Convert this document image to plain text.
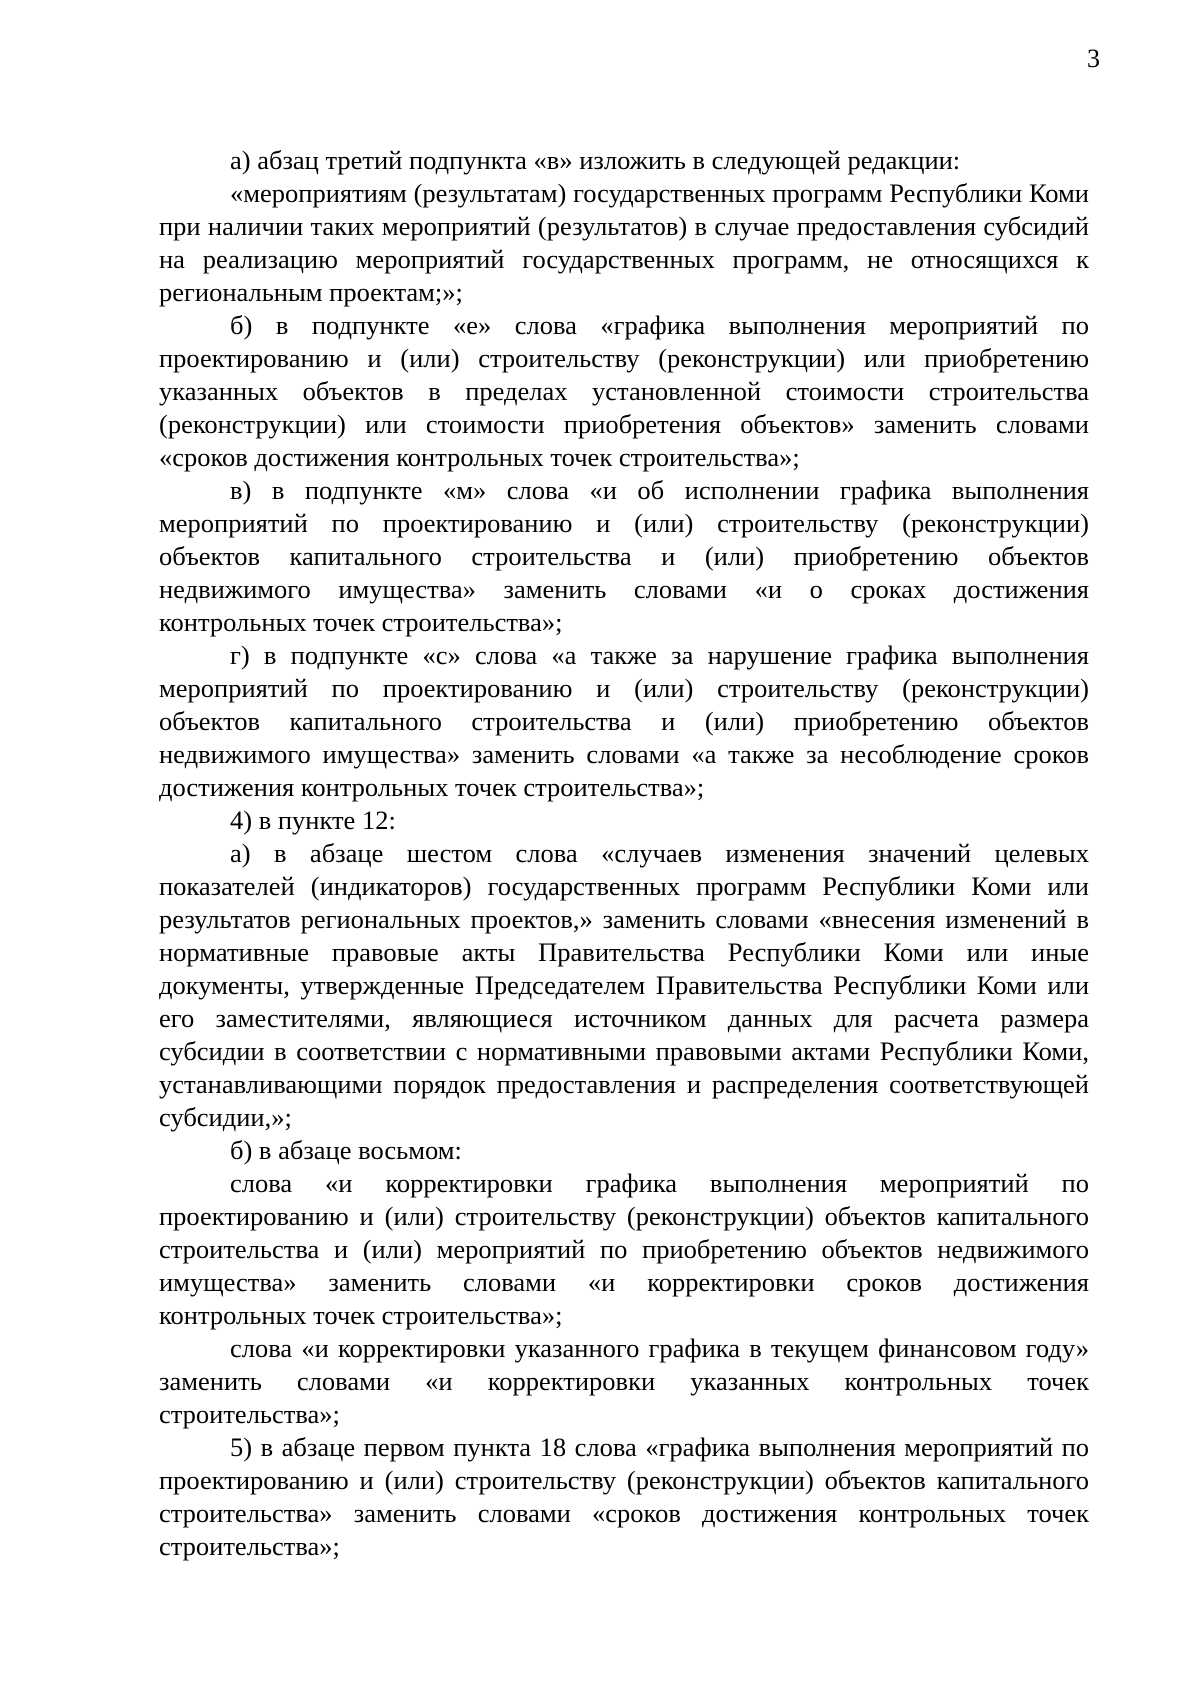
3

а) абзац третий подпункта «в» изложить в следующей редакции:

«мероприятиям (результатам) государственных программ Республики Коми при наличии таких мероприятий (результатов) в случае предоставления субсидий на реализацию мероприятий государственных программ, не относящихся к региональным проектам;»;

б) в подпункте «е» слова «графика выполнения мероприятий по проектированию и (или) строительству (реконструкции) или приобретению указанных объектов в пределах установленной стоимости строительства (реконструкции) или стоимости приобретения объектов» заменить словами «сроков достижения контрольных точек строительства»;

в) в подпункте «м» слова «и об исполнении графика выполнения мероприятий по проектированию и (или) строительству (реконструкции) объектов капитального строительства и (или) приобретению объектов недвижимого имущества» заменить словами «и о сроках достижения контрольных точек строительства»;

г) в подпункте «с» слова «а также за нарушение графика выполнения мероприятий по проектированию и (или) строительству (реконструкции) объектов капитального строительства и (или) приобретению объектов недвижимого имущества» заменить словами «а также за несоблюдение сроков достижения контрольных точек строительства»;

4) в пункте 12:

а) в абзаце шестом слова «случаев изменения значений целевых показателей (индикаторов) государственных программ Республики Коми или результатов региональных проектов,» заменить словами «внесения изменений в нормативные правовые акты Правительства Республики Коми или иные документы, утвержденные Председателем Правительства Республики Коми или его заместителями, являющиеся источником данных для расчета размера субсидии в соответствии с нормативными правовыми актами Республики Коми, устанавливающими порядок предоставления и распределения соответствующей субсидии,»;

б) в абзаце восьмом:

слова «и корректировки графика выполнения мероприятий по проектированию и (или) строительству (реконструкции) объектов капитального строительства и (или) мероприятий по приобретению объектов недвижимого имущества» заменить словами «и корректировки сроков достижения контрольных точек строительства»;

слова «и корректировки указанного графика в текущем финансовом году» заменить словами «и корректировки указанных контрольных точек строительства»;

5) в абзаце первом пункта 18 слова «графика выполнения мероприятий по проектированию и (или) строительству (реконструкции) объектов капитального строительства» заменить словами «сроков достижения контрольных точек строительства»;
